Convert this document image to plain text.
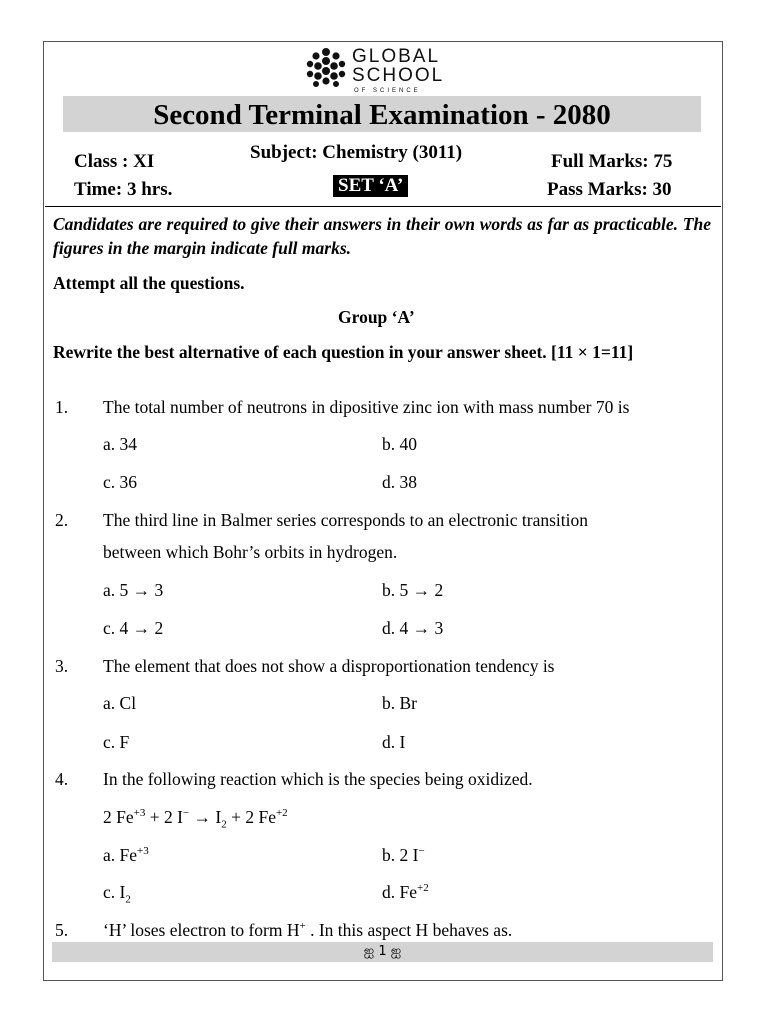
GLOBAL
SCHOOL
OF SCIENCE
Second Terminal Examination - 2080
Class : XI	Subject: Chemistry (3011)	Full Marks: 75
Time: 3 hrs.	SET ‘A’	Pass Marks: 30
Candidates are required to give their answers in their own words as far as practicable. The figures in the margin indicate full marks.
Attempt all the questions.
Group ‘A’
Rewrite the best alternative of each question in your answer sheet. [11 × 1=11]
1. The total number of neutrons in dipositive zinc ion with mass number 70 is
a. 34	b. 40
c. 36	d. 38
2. The third line in Balmer series corresponds to an electronic transition
between which Bohr’s orbits in hydrogen.
a. 5 → 3	b. 5 → 2
c. 4 → 2	d. 4 → 3
3. The element that does not show a disproportionation tendency is
a. Cl	b. Br
c. F	d. I
4. In the following reaction which is the species being oxidized.
2 $Fe^{+3} + 2$ $I^- \to I_2 + 2$ $Fe^{+2}$
a. $Fe^{+3}$	b. 2 I−
c. $I_2$	d. $Fe^{+2}$
5. ‘H’ loses electron to form H+ . In this aspect H behaves as.
ஐ 1 ஐ
